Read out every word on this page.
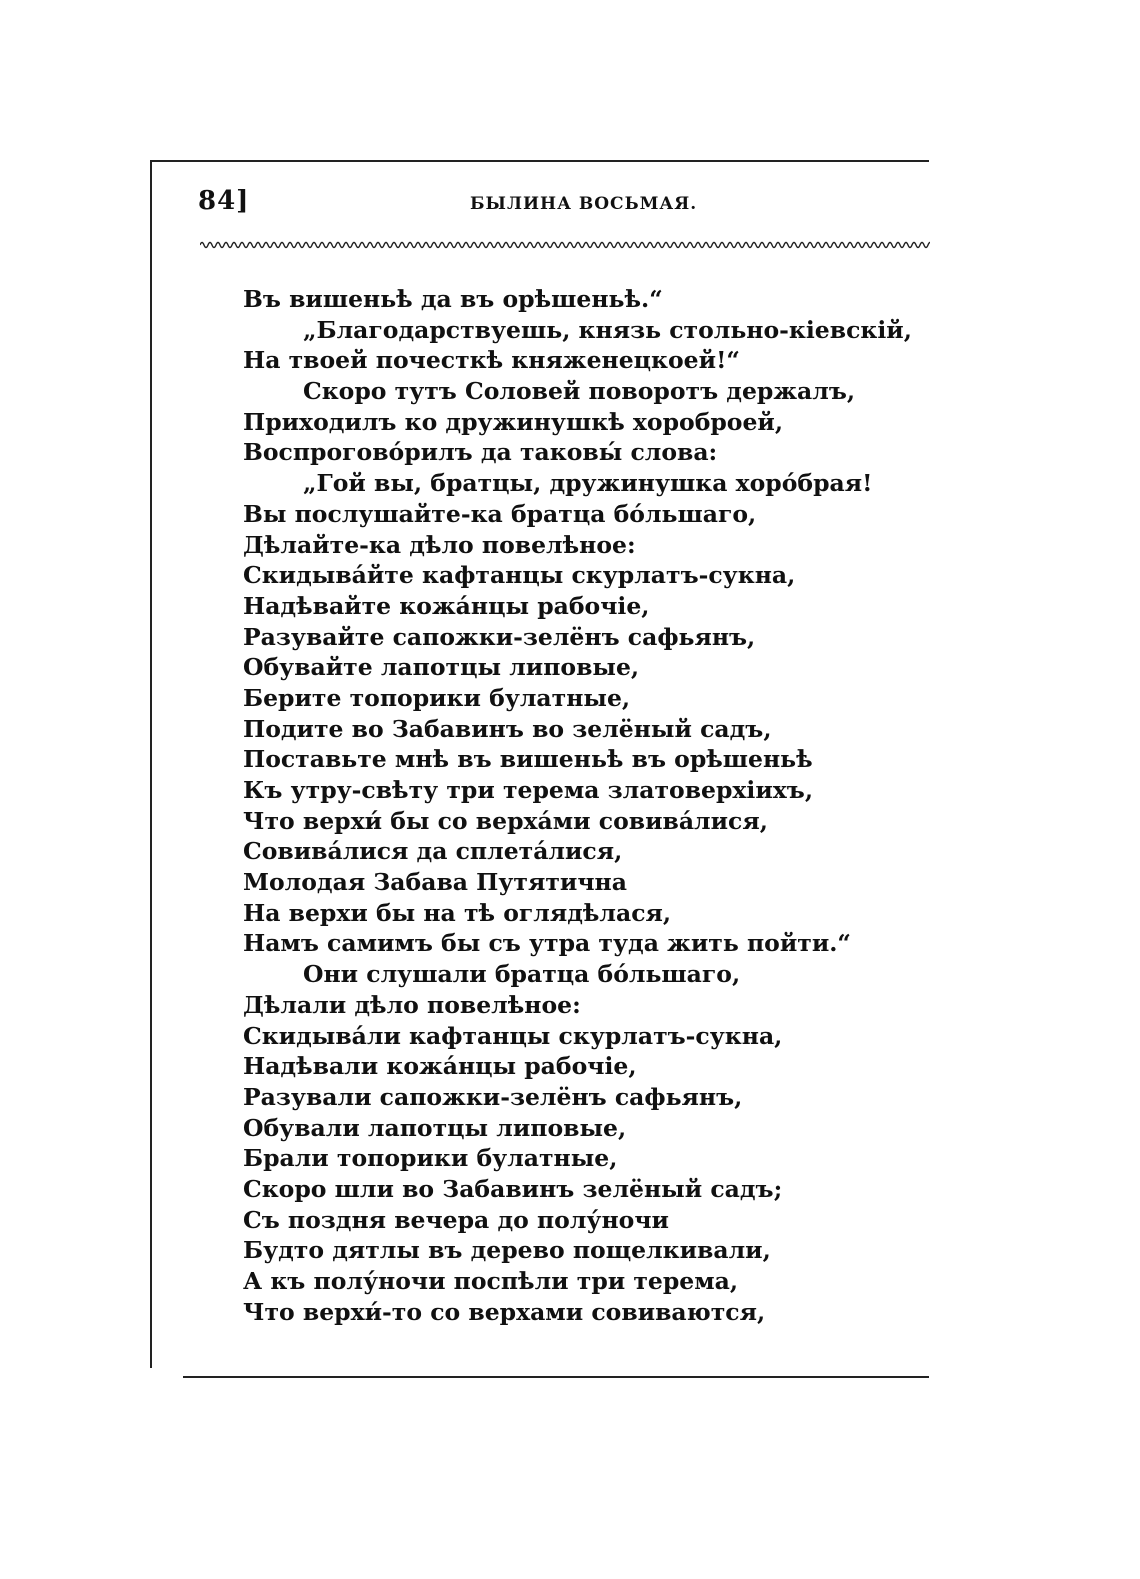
84]	БЫЛИНА ВОСЬМАЯ.
Въ вишеньѣ да въ орѣшеньѣ.“
„Благодарствуешь, князь стольно-кіевскій,
На твоей почесткѣ княженецкоей!“
Скоро тутъ Соловей поворотъ держалъ,
Приходилъ ко дружинушкѣ хороброей,
Воспрогово́рилъ да таковы́ слова:
„Гой вы, братцы, дружинушка хоро́брая!
Вы послушайте-ка братца бо́льшаго,
Дѣлайте-ка дѣло повелѣное:
Скидыва́йте кафтанцы скурлатъ-сукна,
Надѣвайте кожа́нцы рабочіе,
Разувайте сапожки-зелёнъ сафьянъ,
Обувайте лапотцы липовые,
Берите топорики булатные,
Подите во Забавинъ во зелёный садъ,
Поставьте мнѣ въ вишеньѣ въ орѣшеньѣ
Къ утру-свѣту три терема златоверхіихъ,
Что верхи́ бы со верха́ми совива́лися,
Совива́лися да сплета́лися,
Молодая Забава Путятична
На верхи бы на тѣ оглядѣлася,
Намъ самимъ бы съ утра туда жить пойти.“
Они слушали братца бо́льшаго,
Дѣлали дѣло повелѣное:
Скидыва́ли кафтанцы скурлатъ-сукна,
Надѣвали кожа́нцы рабочіе,
Разували сапожки-зелёнъ сафьянъ,
Обували лапотцы липовые,
Брали топорики булатные,
Скоро шли во Забавинъ зелёный садъ;
Съ поздня вечера до полу́ночи
Будто дятлы въ дерево пощелкивали,
А къ полу́ночи поспѣли три терема,
Что верхи́-то со верхами совиваются,
